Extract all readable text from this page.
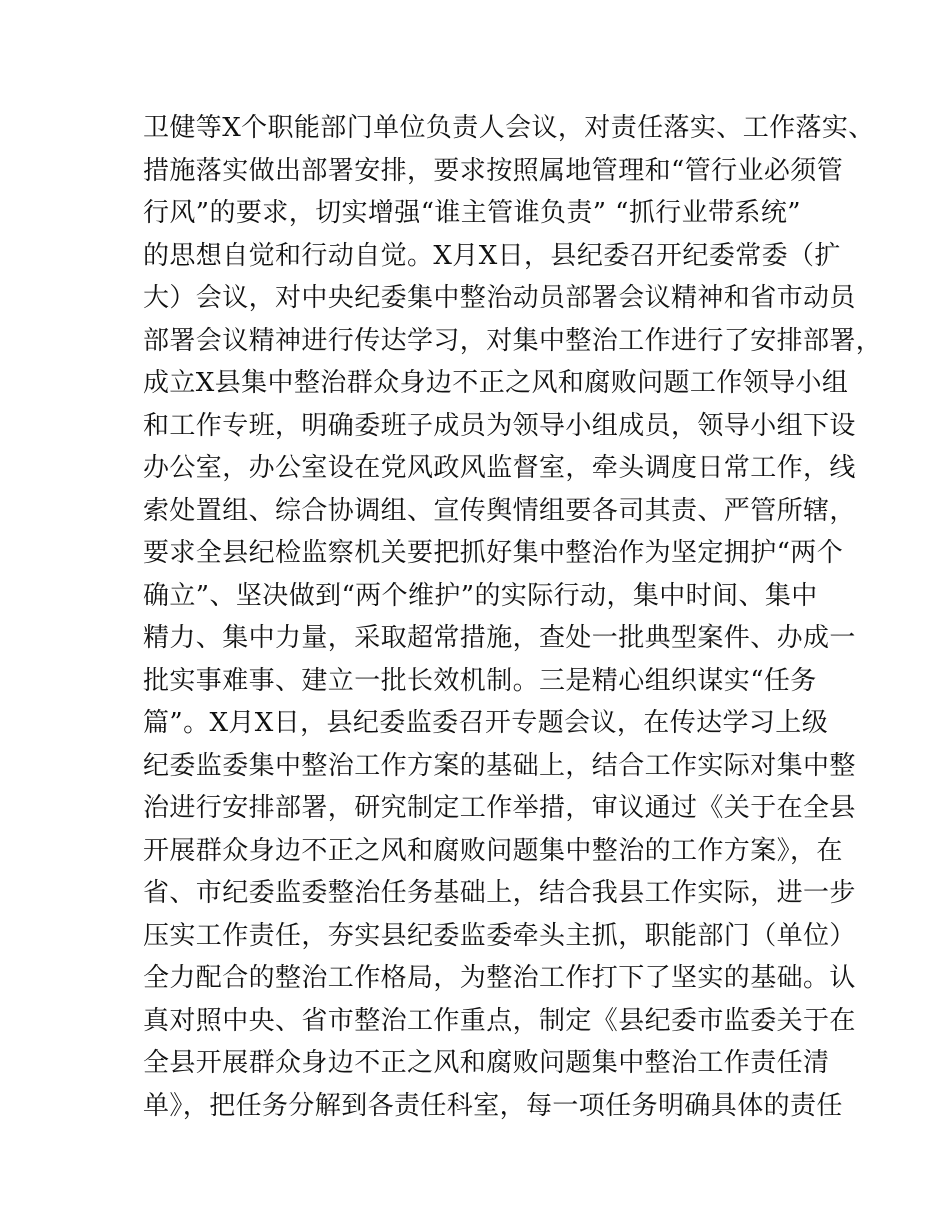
卫健等X个职能部门单位负责人会议，对责任落实、工作落实、
措施落实做出部署安排，要求按照属地管理和“管行业必须管
行风”的要求，切实增强“谁主管谁负责” “抓行业带系统”
的思想自觉和行动自觉。X月X日，县纪委召开纪委常委（扩
大）会议，对中央纪委集中整治动员部署会议精神和省市动员
部署会议精神进行传达学习，对集中整治工作进行了安排部署，
成立X县集中整治群众身边不正之风和腐败问题工作领导小组
和工作专班，明确委班子成员为领导小组成员，领导小组下设
办公室，办公室设在党风政风监督室，牵头调度日常工作，线
索处置组、综合协调组、宣传舆情组要各司其责、严管所辖，
要求全县纪检监察机关要把抓好集中整治作为坚定拥护“两个
确立”、坚决做到“两个维护”的实际行动，集中时间、集中
精力、集中力量，采取超常措施，查处一批典型案件、办成一
批实事难事、建立一批长效机制。三是精心组织谋实“任务
篇”。X月X日，县纪委监委召开专题会议，在传达学习上级
纪委监委集中整治工作方案的基础上，结合工作实际对集中整
治进行安排部署，研究制定工作举措，审议通过《关于在全县
开展群众身边不正之风和腐败问题集中整治的工作方案》，在
省、市纪委监委整治任务基础上，结合我县工作实际，进一步
压实工作责任，夯实县纪委监委牵头主抓，职能部门（单位）
全力配合的整治工作格局，为整治工作打下了坚实的基础。认
真对照中央、省市整治工作重点，制定《县纪委市监委关于在
全县开展群众身边不正之风和腐败问题集中整治工作责任清
单》，把任务分解到各责任科室，每一项任务明确具体的责任
